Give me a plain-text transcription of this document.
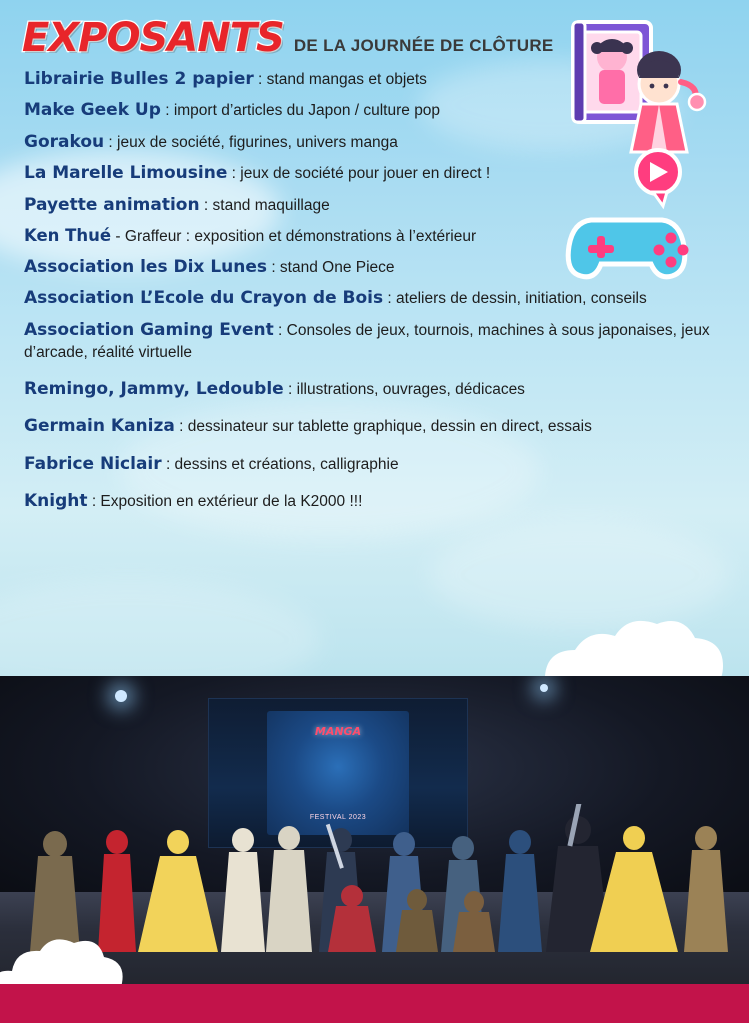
EXPOSANTS DE LA JOURNÉE DE CLÔTURE
Librairie Bulles 2 papier : stand mangas et objets
Make Geek Up : import d’articles du Japon / culture pop
Gorakou : jeux de société, figurines, univers manga
La Marelle Limousine : jeux de société pour jouer en direct !
Payette animation : stand maquillage
Ken Thué - Graffeur : exposition et démonstrations à l’extérieur
Association les Dix Lunes : stand One Piece
Association L’Ecole du Crayon de Bois : ateliers de dessin, initiation, conseils
Association Gaming Event : Consoles de jeux, tournois, machines à sous japonaises, jeux d’arcade, réalité virtuelle
Remingo, Jammy, Ledouble : illustrations, ouvrages, dédicaces
Germain Kaniza : dessinateur sur tablette graphique, dessin en direct, essais
Fabrice Niclair : dessins et créations, calligraphie
Knight : Exposition en extérieur de la K2000 !!!
MANGA
FESTIVAL 2023
